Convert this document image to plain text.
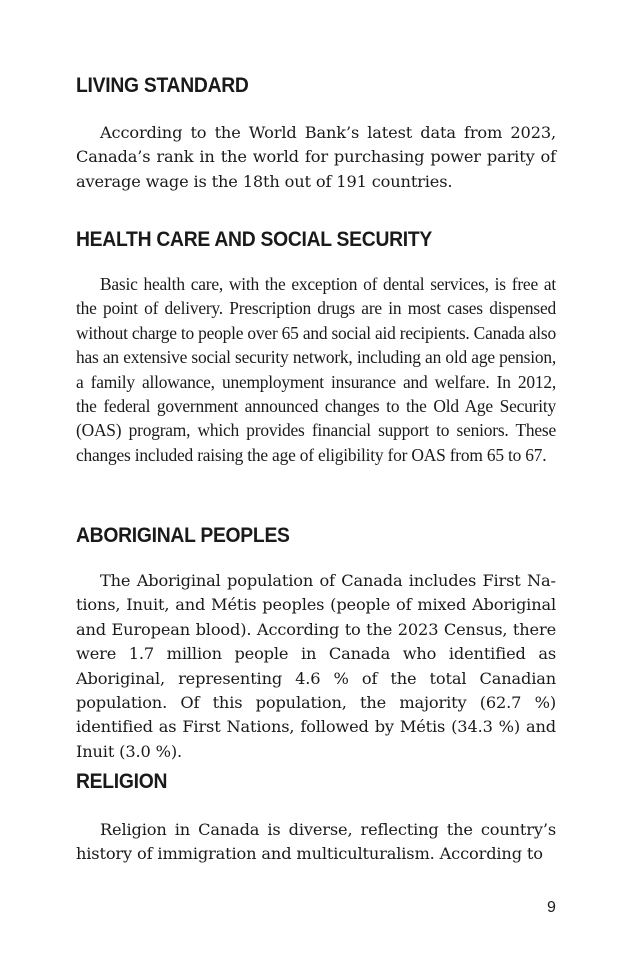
LIVING STANDARD

According to the World Bank’s latest data from 2023, Canada’s rank in the world for purchasing power parity of average wage is the 18th out of 191 countries.

HEALTH CARE AND SOCIAL SECURITY

Basic health care, with the exception of dental services, is free at the point of delivery. Prescription drugs are in most cases dispensed without charge to people over 65 and social aid recipients. Canada also has an extensive social security network, including an old age pension, a family allowance, unemployment insurance and welfare. In 2012, the federal government announced changes to the Old Age Security (OAS) program, which provides financial support to seniors. These changes included raising the age of eligibility for OAS from 65 to 67.

ABORIGINAL PEOPLES

The Aboriginal population of Canada includes First Nations, Inuit, and Métis peoples (people of mixed Aboriginal and European blood). According to the 2023 Census, there were 1.7 million people in Canada who identified as Aboriginal, representing 4.6 % of the total Canadian population. Of this population, the majority (62.7 %) identified as First Nations, followed by Métis (34.3 %) and Inuit (3.0 %).

RELIGION

Religion in Canada is diverse, reflecting the country’s history of immigration and multiculturalism. According to

9
